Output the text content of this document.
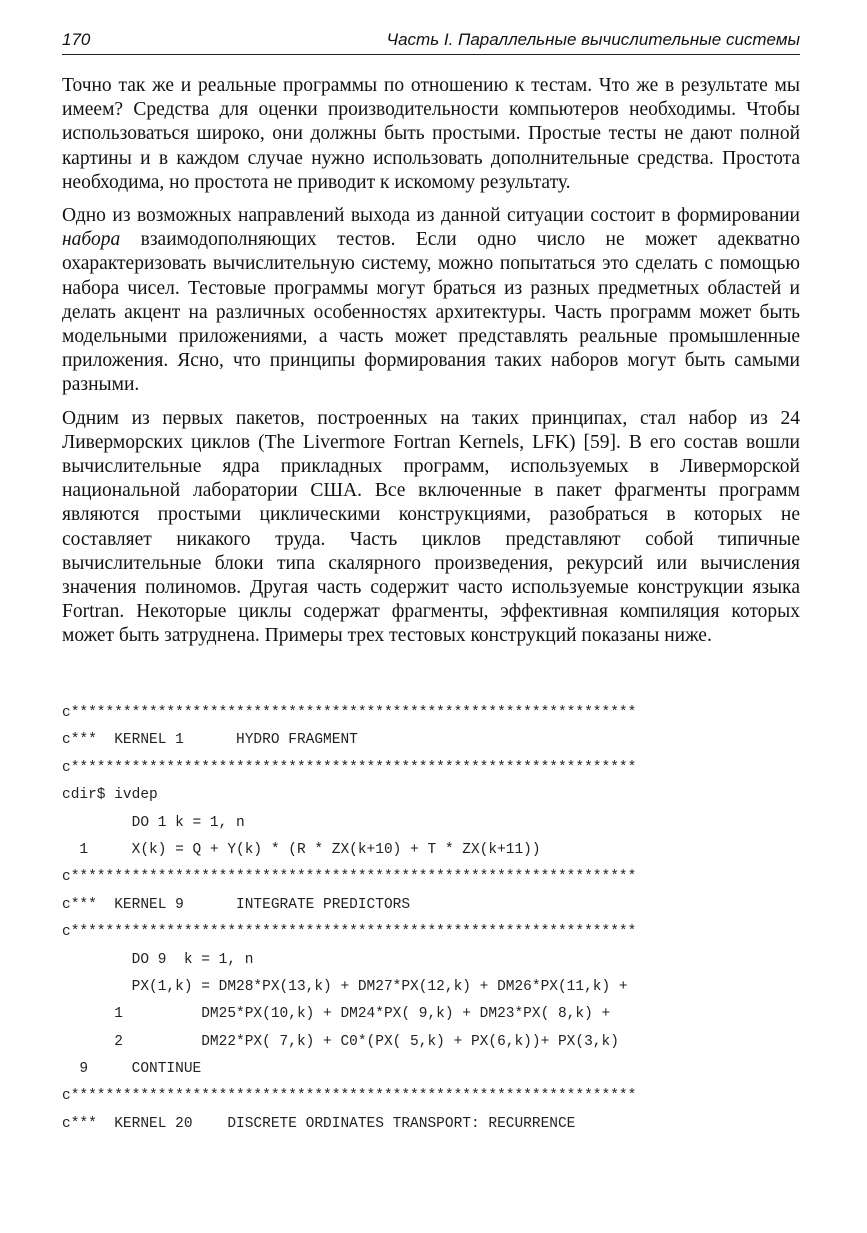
170	Часть I. Параллельные вычислительные системы

Точно так же и реальные программы по отношению к тестам. Что же в результате мы имеем? Средства для оценки производительности компьютеров необходимы. Чтобы использоваться широко, они должны быть простыми. Простые тесты не дают полной картины и в каждом случае нужно использовать дополнительные средства. Простота необходима, но простота не приводит к искомому результату.

Одно из возможных направлений выхода из данной ситуации состоит в формировании набора взаимодополняющих тестов. Если одно число не может адекватно охарактеризовать вычислительную систему, можно попытаться это сделать с помощью набора чисел. Тестовые программы могут браться из разных предметных областей и делать акцент на различных особенностях архитектуры. Часть программ может быть модельными приложениями, а часть может представлять реальные промышленные приложения. Ясно, что принципы формирования таких наборов могут быть самыми разными.

Одним из первых пакетов, построенных на таких принципах, стал набор из 24 Ливерморских циклов (The Livermore Fortran Kernels, LFK) [59]. В его состав вошли вычислительные ядра прикладных программ, используемых в Ливерморской национальной лаборатории США. Все включенные в пакет фрагменты программ являются простыми циклическими конструкциями, разобраться в которых не составляет никакого труда. Часть циклов представляют собой типичные вычислительные блоки типа скалярного произведения, рекурсий или вычисления значения полиномов. Другая часть содержит часто используемые конструкции языка Fortran. Некоторые циклы содержат фрагменты, эффективная компиляция которых может быть затруднена. Примеры трех тестовых конструкций показаны ниже.

c*****************************************************************
c***  KERNEL 1      HYDRO FRAGMENT
c*****************************************************************
cdir$ ivdep
DO 1 k = 1, n
1     X(k) = Q + Y(k) * (R * ZX(k+10) + T * ZX(k+11))
c*****************************************************************
c***  KERNEL 9      INTEGRATE PREDICTORS
c*****************************************************************
DO 9  k = 1, n
PX(1,k) = DM28*PX(13,k) + DM27*PX(12,k) + DM26*PX(11,k) +
1         DM25*PX(10,k) + DM24*PX( 9,k) + DM23*PX( 8,k) +
2         DM22*PX( 7,k) + C0*(PX( 5,k) + PX(6,k))+ PX(3,k)
9     CONTINUE
c*****************************************************************
c***  KERNEL 20    DISCRETE ORDINATES TRANSPORT: RECURRENCE
